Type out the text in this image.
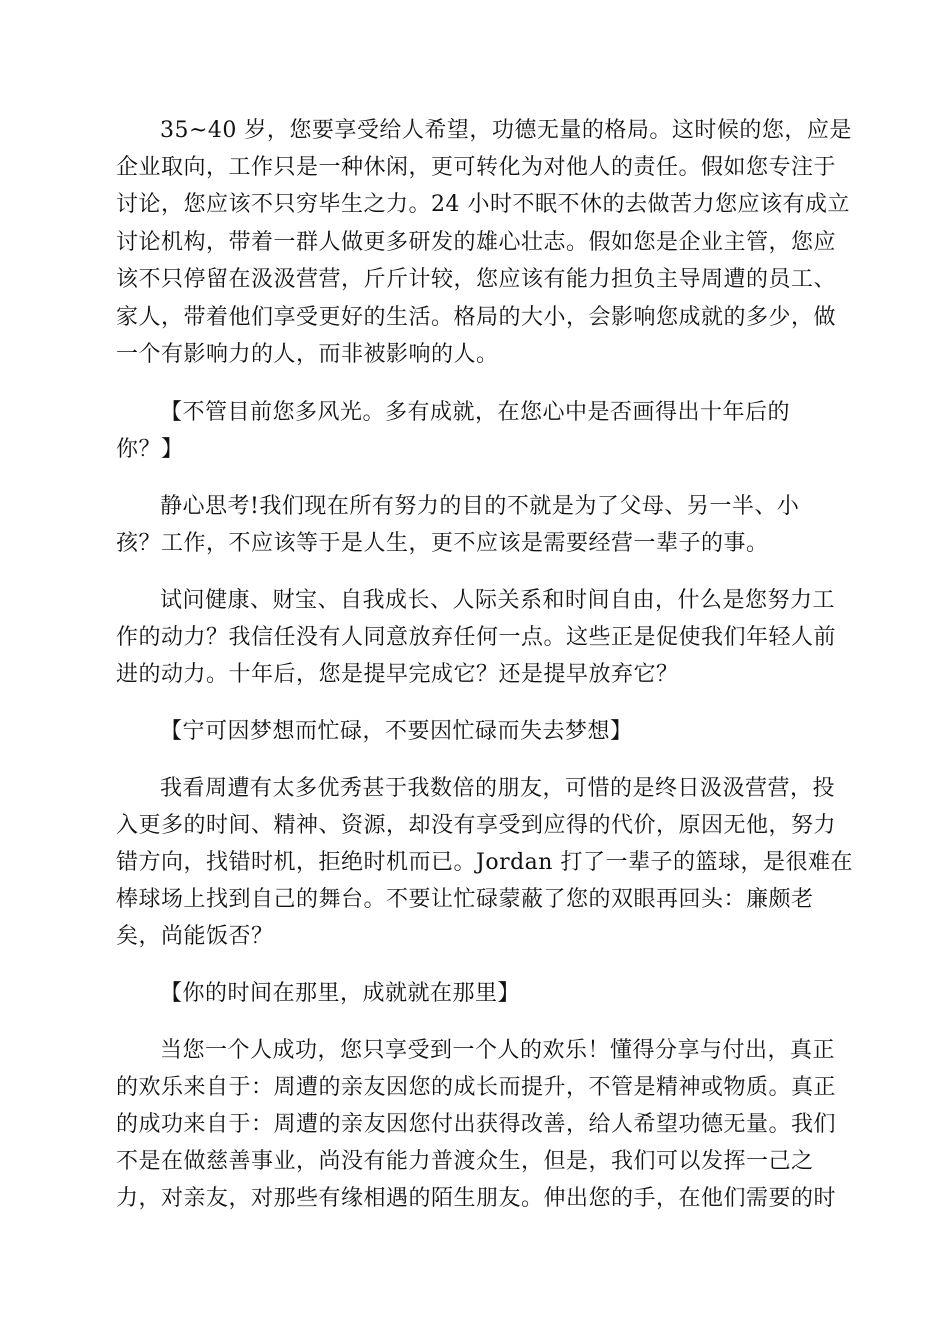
35~40 岁，您要享受给人希望，功德无量的格局。这时候的您，应是
企业取向，工作只是一种休闲，更可转化为对他人的责任。假如您专注于
讨论，您应该不只穷毕生之力。24 小时不眠不休的去做苦力您应该有成立
讨论机构，带着一群人做更多研发的雄心壮志。假如您是企业主管，您应
该不只停留在汲汲营营，斤斤计较，您应该有能力担负主导周遭的员工、
家人，带着他们享受更好的生活。格局的大小，会影响您成就的多少，做
一个有影响力的人，而非被影响的人。
【不管目前您多风光。多有成就，在您心中是否画得出十年后的
你？】
静心思考!我们现在所有努力的目的不就是为了父母、另一半、小
孩？工作，不应该等于是人生，更不应该是需要经营一辈子的事。
试问健康、财宝、自我成长、人际关系和时间自由，什么是您努力工
作的动力？我信任没有人同意放弃任何一点。这些正是促使我们年轻人前
进的动力。十年后，您是提早完成它？还是提早放弃它？
【宁可因梦想而忙碌，不要因忙碌而失去梦想】
我看周遭有太多优秀甚于我数倍的朋友，可惜的是终日汲汲营营，投
入更多的时间、精神、资源，却没有享受到应得的代价，原因无他，努力
错方向，找错时机，拒绝时机而已。Jordan 打了一辈子的篮球，是很难在
棒球场上找到自己的舞台。不要让忙碌蒙蔽了您的双眼再回头：廉颇老
矣，尚能饭否？
【你的时间在那里，成就就在那里】
当您一个人成功，您只享受到一个人的欢乐！懂得分享与付出，真正
的欢乐来自于：周遭的亲友因您的成长而提升，不管是精神或物质。真正
的成功来自于：周遭的亲友因您付出获得改善，给人希望功德无量。我们
不是在做慈善事业，尚没有能力普渡众生，但是，我们可以发挥一己之
力，对亲友，对那些有缘相遇的陌生朋友。伸出您的手，在他们需要的时
